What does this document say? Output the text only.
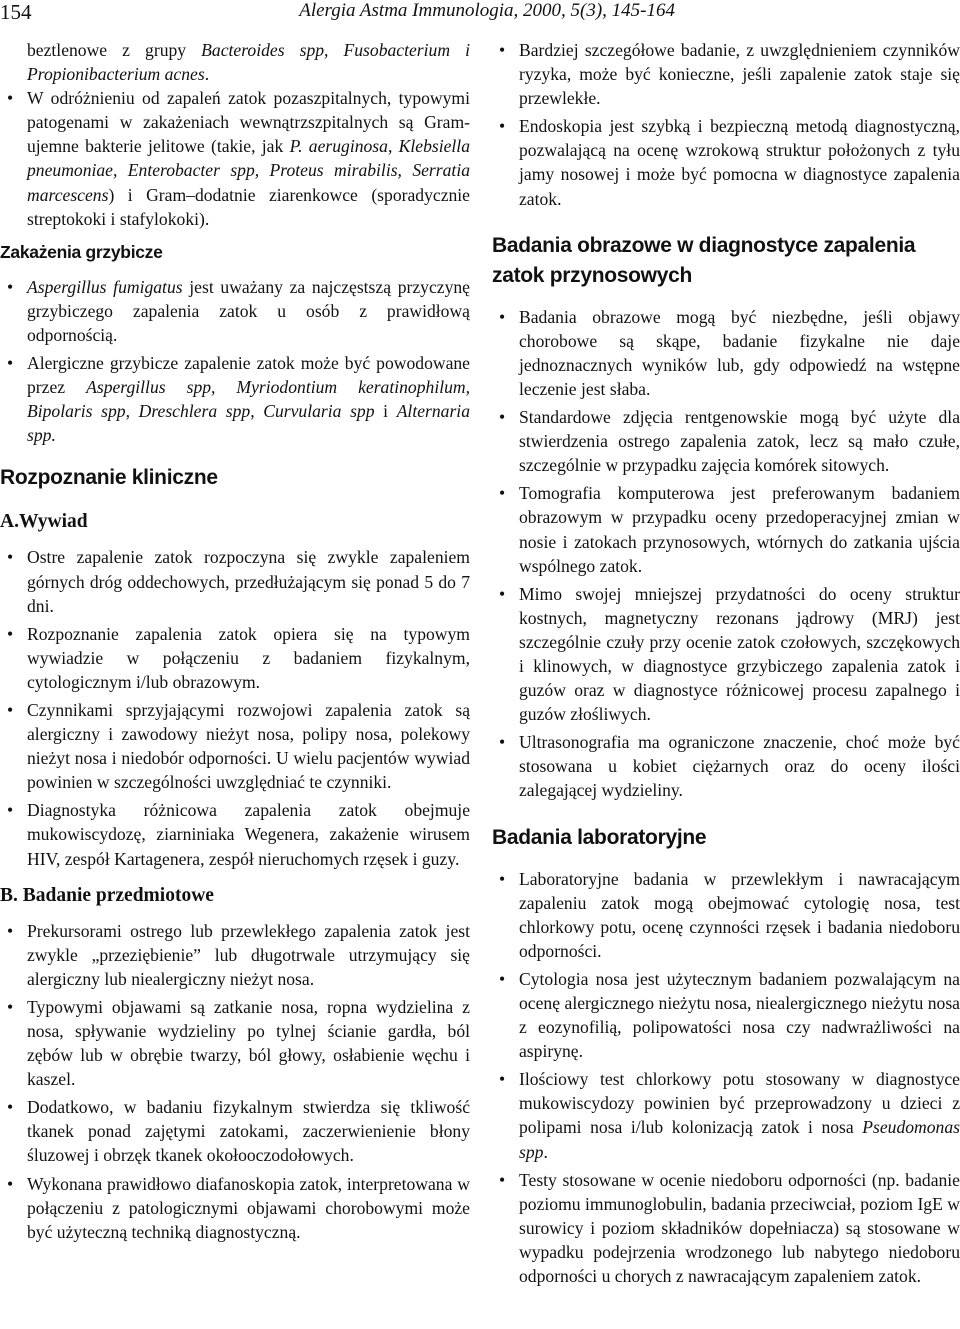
154	Alergia Astma Immunologia, 2000, 5(3), 145-164

beztlenowe z grupy Bacteroides spp, Fusobacterium i Propionibacterium acnes.

• W odróżnieniu od zapaleń zatok pozaszpitalnych, typowymi patogenami w zakażeniach wewnątrzszpitalnych są Gram-ujemne bakterie jelitowe (takie, jak P. aeruginosa, Klebsiella pneumoniae, Enterobacter spp, Proteus mirabilis, Serratia marcescens) i Gram–dodatnie ziarenkowce (sporadycznie streptokoki i stafylokoki).

Zakażenia grzybicze
• Aspergillus fumigatus jest uważany za najczęstszą przyczynę grzybiczego zapalenia zatok u osób z prawidłową odpornością.

• Alergiczne grzybicze zapalenie zatok może być powodowane przez Aspergillus spp, Myriodontium keratinophilum, Bipolaris spp, Dreschlera spp, Curvularia spp i Alternaria spp.

Rozpoznanie kliniczne
A.Wywiad
• Ostre zapalenie zatok rozpoczyna się zwykle zapaleniem górnych dróg oddechowych, przedłużającym się ponad 5 do 7 dni.

• Rozpoznanie zapalenia zatok opiera się na typowym wywiadzie w połączeniu z badaniem fizykalnym, cytologicznym i/lub obrazowym.

• Czynnikami sprzyjającymi rozwojowi zapalenia zatok są alergiczny i zawodowy nieżyt nosa, polipy nosa, polekowy nieżyt nosa i niedobór odporności. U wielu pacjentów wywiad powinien w szczególności uwzględniać te czynniki.

• Diagnostyka różnicowa zapalenia zatok obejmuje mukowiscydozę, ziarniniaka Wegenera, zakażenie wirusem HIV, zespół Kartagenera, zespół nieruchomych rzęsek i guzy.

B. Badanie przedmiotowe
• Prekursorami ostrego lub przewlekłego zapalenia zatok jest zwykle „przeziębienie” lub długotrwale utrzymujący się alergiczny lub niealergiczny nieżyt nosa.

• Typowymi objawami są zatkanie nosa, ropna wydzielina z nosa, spływanie wydzieliny po tylnej ścianie gardła, ból zębów lub w obrębie twarzy, ból głowy, osłabienie węchu i kaszel.

• Dodatkowo, w badaniu fizykalnym stwierdza się tkliwość tkanek ponad zajętymi zatokami, zaczerwienienie błony śluzowej i obrzęk tkanek okołooczodołowych.

• Wykonana prawidłowo diafanoskopia zatok, interpretowana w połączeniu z patologicznymi objawami chorobowymi może być użyteczną techniką diagnostyczną.

• Bardziej szczegółowe badanie, z uwzględnieniem czynników ryzyka, może być konieczne, jeśli zapalenie zatok staje się przewlekłe.

• Endoskopia jest szybką i bezpieczną metodą diagnostyczną, pozwalającą na ocenę wzrokową struktur położonych z tyłu jamy nosowej i może być pomocna w diagnostyce zapalenia zatok.

Badania obrazowe w diagnostyce zapalenia zatok przynosowych
• Badania obrazowe mogą być niezbędne, jeśli objawy chorobowe są skąpe, badanie fizykalne nie daje jednoznacznych wyników lub, gdy odpowiedź na wstępne leczenie jest słaba.

• Standardowe zdjęcia rentgenowskie mogą być użyte dla stwierdzenia ostrego zapalenia zatok, lecz są mało czułe, szczególnie w przypadku zajęcia komórek sitowych.

• Tomografia komputerowa jest preferowanym badaniem obrazowym w przypadku oceny przedoperacyjnej zmian w nosie i zatokach przynosowych, wtórnych do zatkania ujścia wspólnego zatok.

• Mimo swojej mniejszej przydatności do oceny struktur kostnych, magnetyczny rezonans jądrowy (MRJ) jest szczególnie czuły przy ocenie zatok czołowych, szczękowych i klinowych, w diagnostyce grzybiczego zapalenia zatok i guzów oraz w diagnostyce różnicowej procesu zapalnego i guzów złośliwych.

• Ultrasonografia ma ograniczone znaczenie, choć może być stosowana u kobiet ciężarnych oraz do oceny ilości zalegającej wydzieliny.

Badania laboratoryjne
• Laboratoryjne badania w przewlekłym i nawracającym zapaleniu zatok mogą obejmować cytologię nosa, test chlorkowy potu, ocenę czynności rzęsek i badania niedoboru odporności.

• Cytologia nosa jest użytecznym badaniem pozwalającym na ocenę alergicznego nieżytu nosa, niealergicznego nieżytu nosa z eozynofilią, polipowatości nosa czy nadwrażliwości na aspirynę.

• Ilościowy test chlorkowy potu stosowany w diagnostyce mukowiscydozy powinien być przeprowadzony u dzieci z polipami nosa i/lub kolonizacją zatok i nosa Pseudomonas spp.

• Testy stosowane w ocenie niedoboru odporności (np. badanie poziomu immunoglobulin, badania przeciwciał, poziom IgE w surowicy i poziom składników dopełniacza) są stosowane w wypadku podejrzenia wrodzonego lub nabytego niedoboru odporności u chorych z nawracającym zapaleniem zatok.
